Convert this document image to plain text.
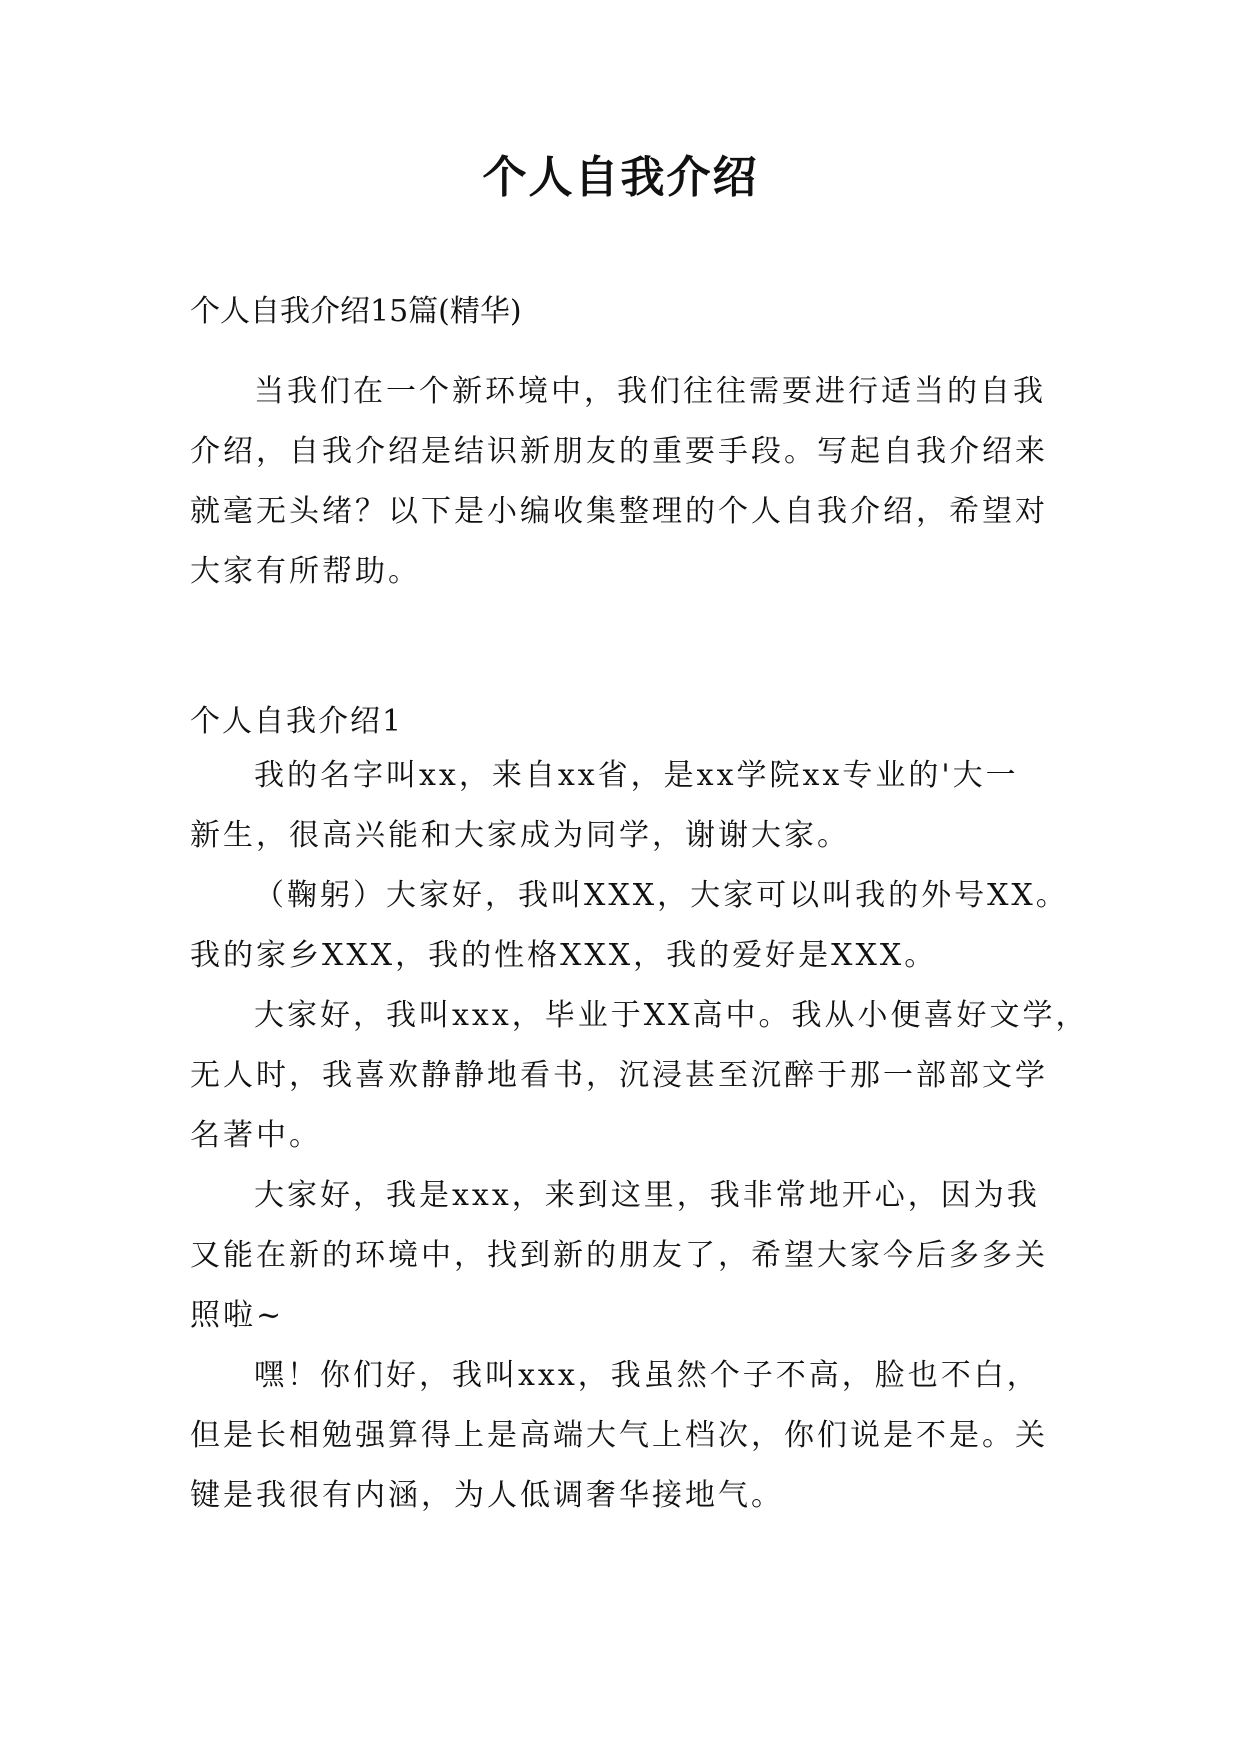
个人自我介绍
个人自我介绍15篇(精华)
当我们在一个新环境中，我们往往需要进行适当的自我
介绍，自我介绍是结识新朋友的重要手段。写起自我介绍来
就毫无头绪？以下是小编收集整理的个人自我介绍，希望对
大家有所帮助。
个人自我介绍1
我的名字叫xx，来自xx省，是xx学院xx专业的'大一
新生，很高兴能和大家成为同学，谢谢大家。
（鞠躬）大家好，我叫XXX，大家可以叫我的外号XX。
我的家乡XXX，我的性格XXX，我的爱好是XXX。
大家好，我叫xxx，毕业于XX高中。我从小便喜好文学，
无人时，我喜欢静静地看书，沉浸甚至沉醉于那一部部文学
名著中。
大家好，我是xxx，来到这里，我非常地开心，因为我
又能在新的环境中，找到新的朋友了，希望大家今后多多关
照啦~
嘿！你们好，我叫xxx，我虽然个子不高，脸也不白，
但是长相勉强算得上是高端大气上档次，你们说是不是。关
键是我很有内涵，为人低调奢华接地气。
